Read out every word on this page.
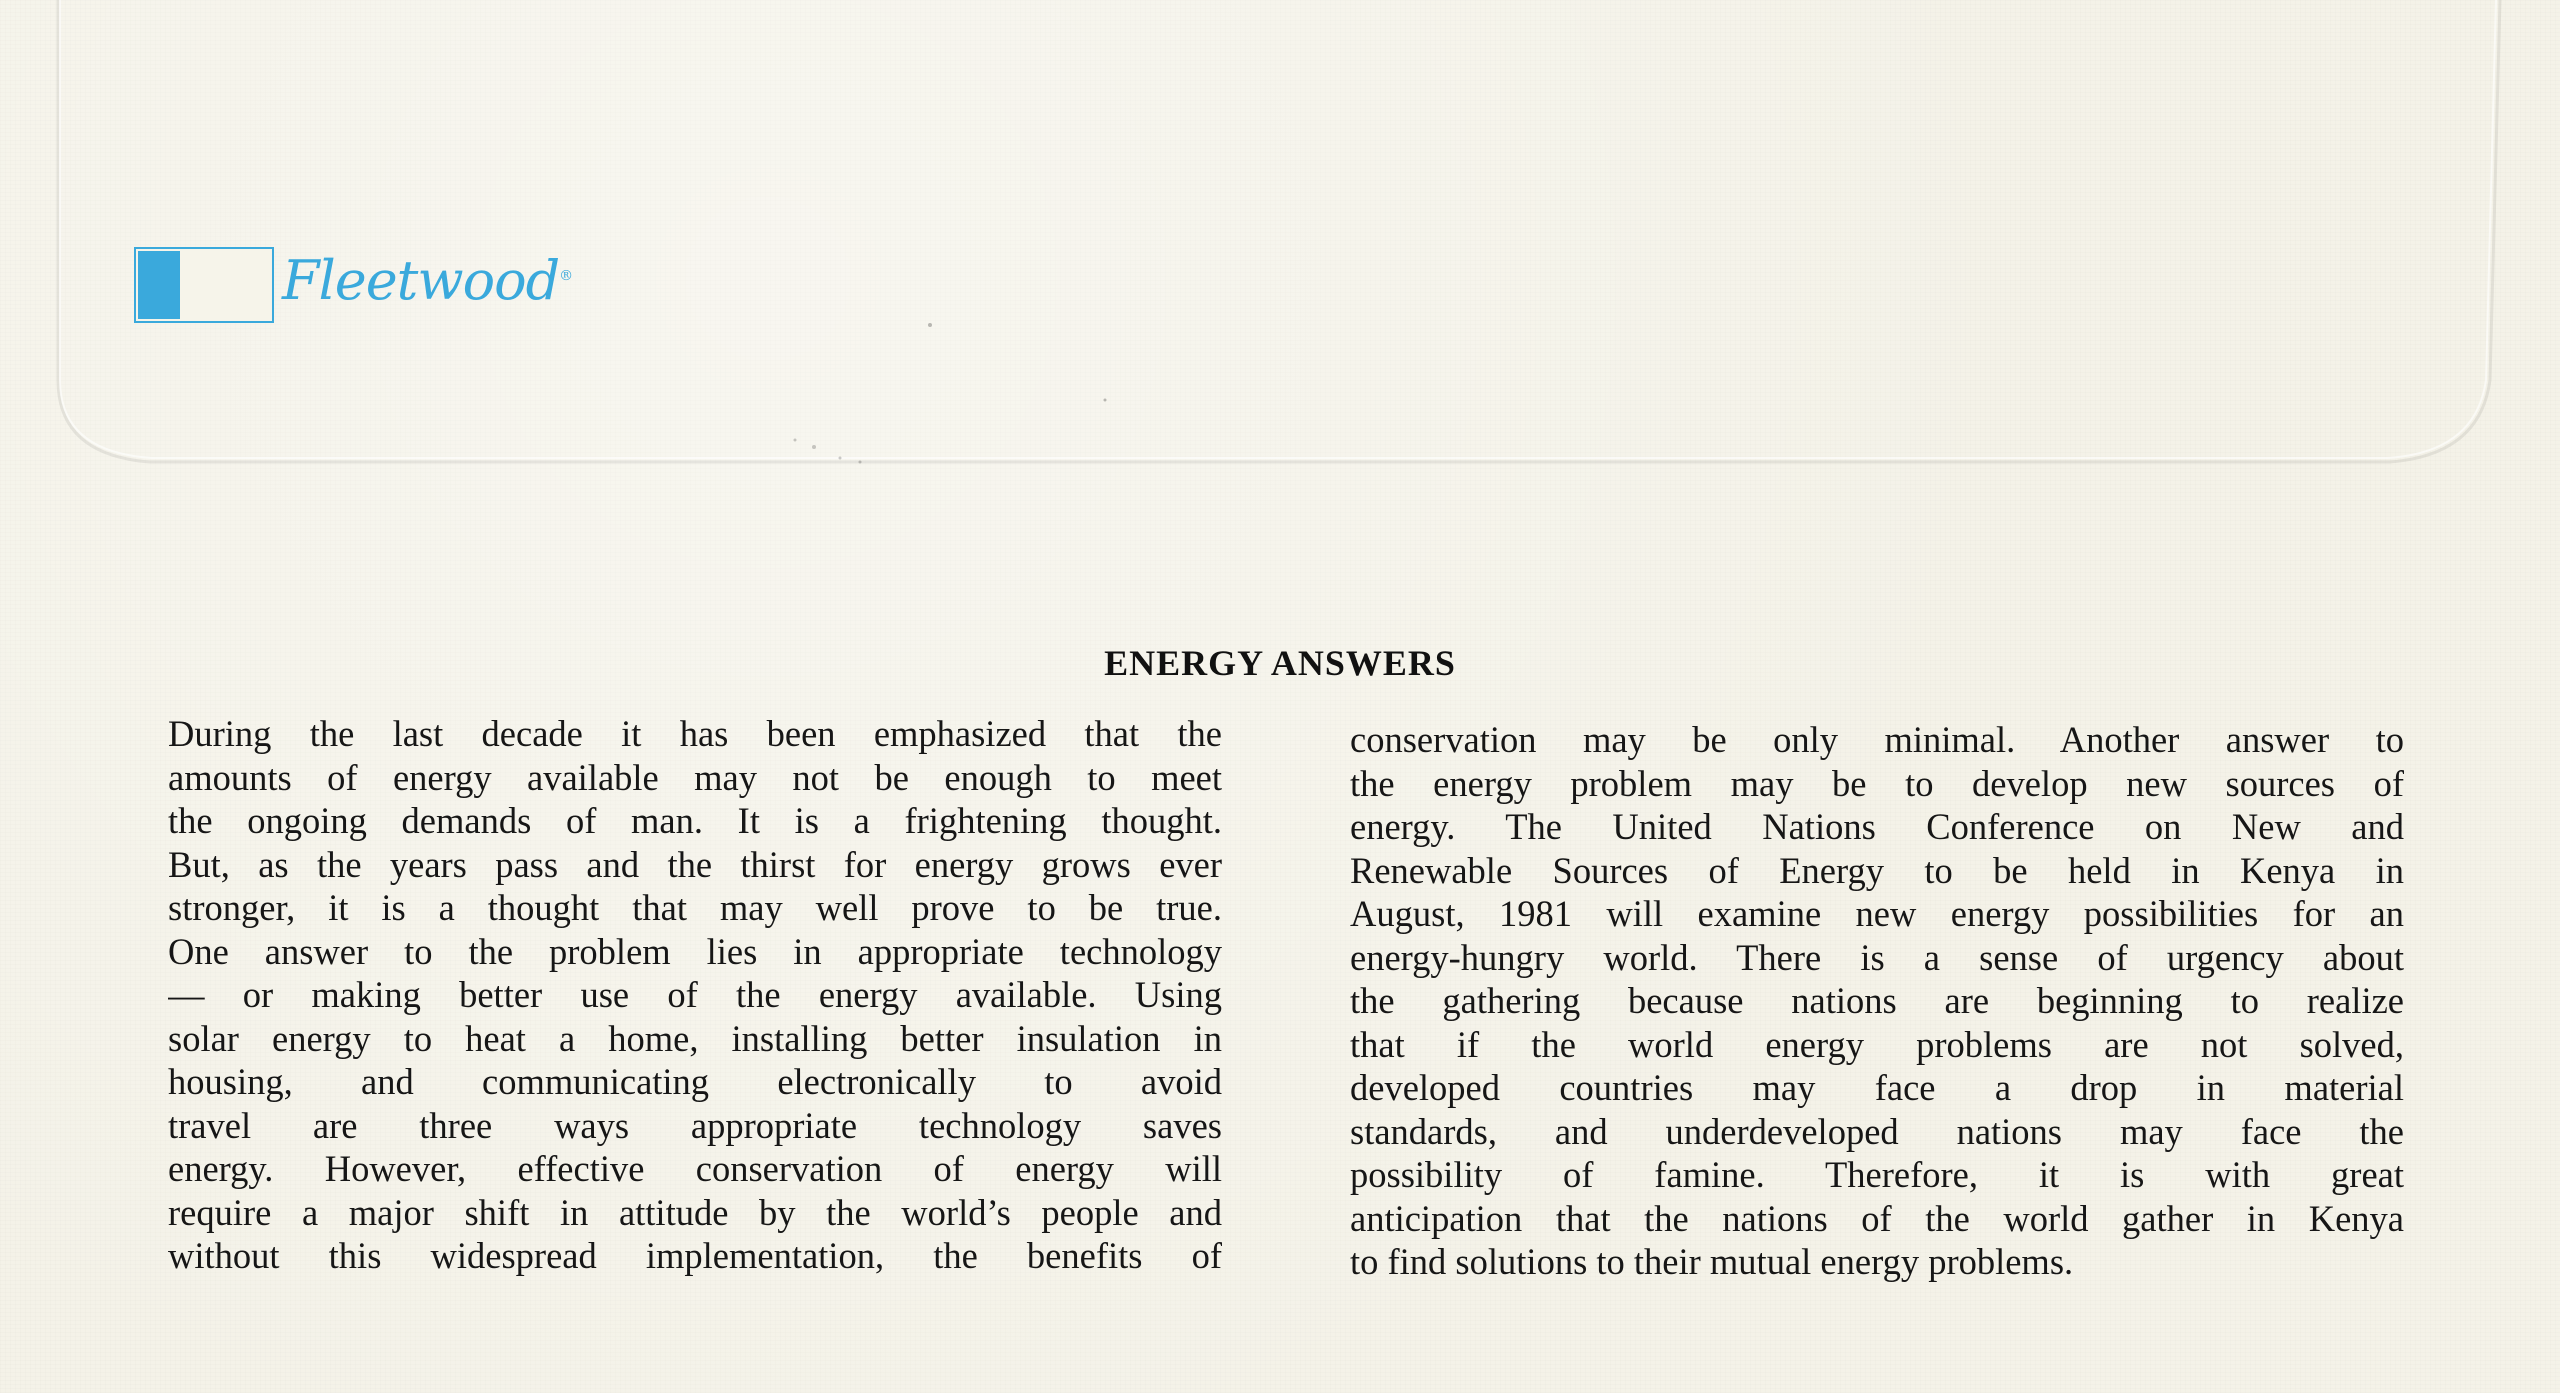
Fleetwood®
ENERGY ANSWERS
During the last decade it has been emphasized that the
amounts of energy available may not be enough to meet
the ongoing demands of man. It is a frightening thought.
But, as the years pass and the thirst for energy grows ever
stronger, it is a thought that may well prove to be true.
One answer to the problem lies in appropriate technology
— or making better use of the energy available. Using
solar energy to heat a home, installing better insulation in
housing, and communicating electronically to avoid
travel are three ways appropriate technology saves
energy. However, effective conservation of energy will
require a major shift in attitude by the world’s people and
without this widespread implementation, the benefits of
conservation may be only minimal. Another answer to
the energy problem may be to develop new sources of
energy. The United Nations Conference on New and
Renewable Sources of Energy to be held in Kenya in
August, 1981 will examine new energy possibilities for an
energy-hungry world. There is a sense of urgency about
the gathering because nations are beginning to realize
that if the world energy problems are not solved,
developed countries may face a drop in material
standards, and underdeveloped nations may face the
possibility of famine. Therefore, it is with great
anticipation that the nations of the world gather in Kenya
to find solutions to their mutual energy problems.
